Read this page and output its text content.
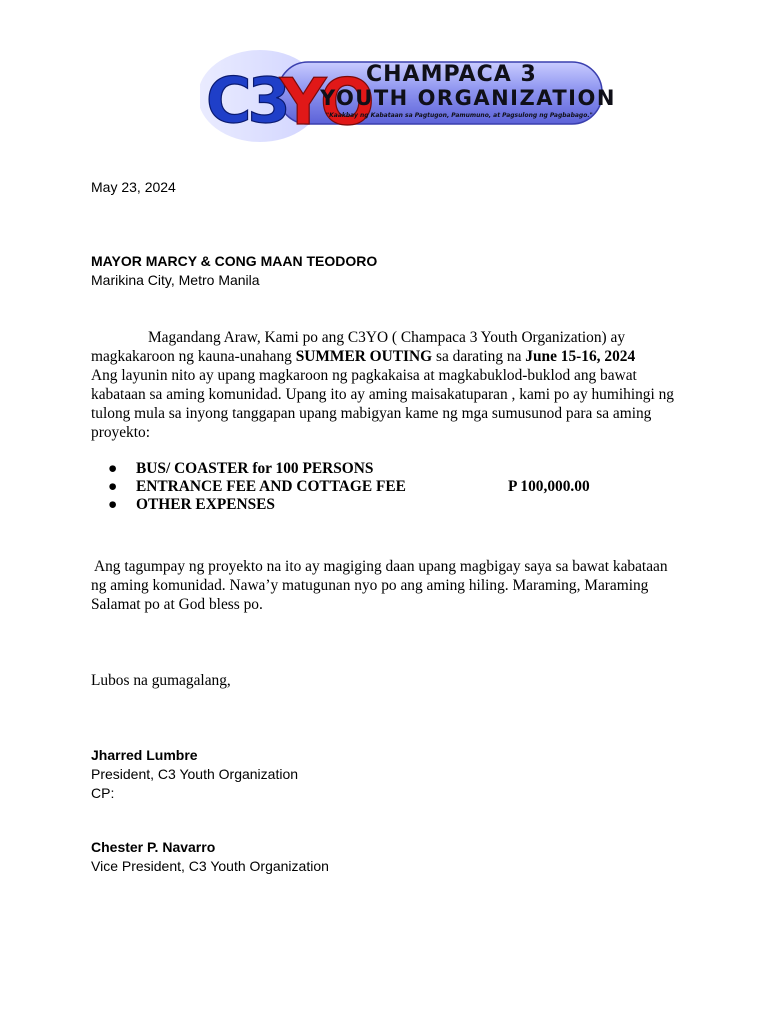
C3
YO
CHAMPACA 3
YOUTH ORGANIZATION
"Kaakbay ng Kabataan sa Pagtugon, Pamumuno, at Pagsulong ng Pagbabago."
May 23, 2024
MAYOR MARCY & CONG MAAN TEODORO
Marikina City, Metro Manila
Magandang Araw, Kami po ang C3YO ( Champaca 3 Youth Organization) ay
magkakaroon ng kauna-unahang SUMMER OUTING sa darating na June 15-16, 2024
Ang layunin nito ay upang magkaroon ng pagkakaisa at magkabuklod-buklod ang bawat
kabataan sa aming komunidad. Upang ito ay aming maisakatuparan , kami po ay humihingi ng
tulong mula sa inyong tanggapan upang mabigyan kame ng mga sumusunod para sa aming
proyekto:
● BUS/ COASTER for 100 PERSONS
● ENTRANCE FEE AND COTTAGE FEE	P 100,000.00
● OTHER EXPENSES
Ang tagumpay ng proyekto na ito ay magiging daan upang magbigay saya sa bawat kabataan
ng aming komunidad. Nawa’y matugunan nyo po ang aming hiling. Maraming, Maraming
Salamat po at God bless po.
Lubos na gumagalang,
Jharred Lumbre
President, C3 Youth Organization
CP:
Chester P. Navarro
Vice President, C3 Youth Organization
